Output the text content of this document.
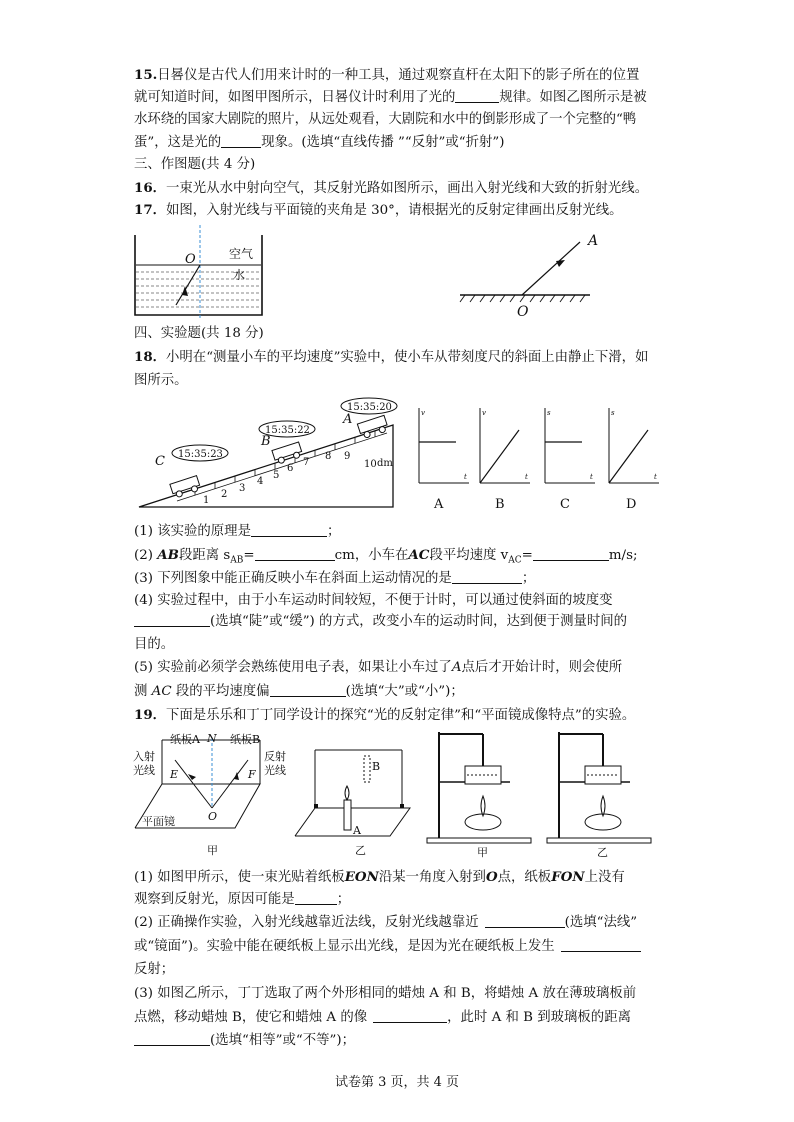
15.日晷仪是古代人们用来计时的一种工具，通过观察直杆在太阳下的影子所在的位置
就可知道时间，如图甲图所示，日晷仪计时利用了光的	规律。如图乙图所示是被
水环绕的国家大剧院的照片，从远处观看，大剧院和水中的倒影形成了一个完整的“鸭
蛋”，这是光的	现象。(选填“直线传播 ”“反射”或“折射”)
三、作图题(共 4 分)
16．一束光从水中射向空气，其反射光路如图所示，画出入射光线和大致的折射光线。
17．如图，入射光线与平面镜的夹角是 30°，请根据光的反射定律画出反射光线。
O	空气
水
A
O
四、实验题(共 18 分)
18．小明在“测量小车的平均速度”实验中，使小车从带刻度尺的斜面上由静止下滑，如
图所示。
1
2
3
4
5
6
7
8 9
10 dm
15:35:23
15:35:22
15:35:20
C
B
A	v
t
A
v
t
B
s
t
C
s
t
D
(1) 该实验的原理是	；
(2) AB段距离 $s_{AB}=$	cm，小车在AC段平均速度 $v_{AC}=$	m/s;
(3) 下列图象中能正确反映小车在斜面上运动情况的是	；
(4) 实验过程中，由于小车运动时间较短，不便于计时，可以通过使斜面的坡度变
(选填“陡”或“缓”) 的方式，改变小车的运动时间，达到便于测量时间的
目的。
(5) 实验前必须学会熟练使用电子表，如果让小车过了A点后才开始计时，则会使所
测 AC 段的平均速度偏	(选填“大”或“小”)；
19．下面是乐乐和丁丁同学设计的探究“光的反射定律”和“平面镜成像特点”的实验。
纸板A N 纸板B
入射
光线
反射
光线
E	F
O
平面镜
甲
B
A
乙	甲	乙
(1) 如图甲所示，使一束光贴着纸板EON沿某一角度入射到O点，纸板FON上没有
观察到反射光，原因可能是	；
(2) 正确操作实验，入射光线越靠近法线，反射光线越靠近	(选填“法线”
或“镜面”)。实验中能在硬纸板上显示出光线，是因为光在硬纸板上发生
反射；
(3) 如图乙所示，丁丁选取了两个外形相同的蜡烛 A 和 B，将蜡烛 A 放在薄玻璃板前
点燃，移动蜡烛 B，使它和蜡烛 A 的像	，此时 A 和 B 到玻璃板的距离
(选填“相等”或“不等”)；
试卷第 3 页，共 4 页
